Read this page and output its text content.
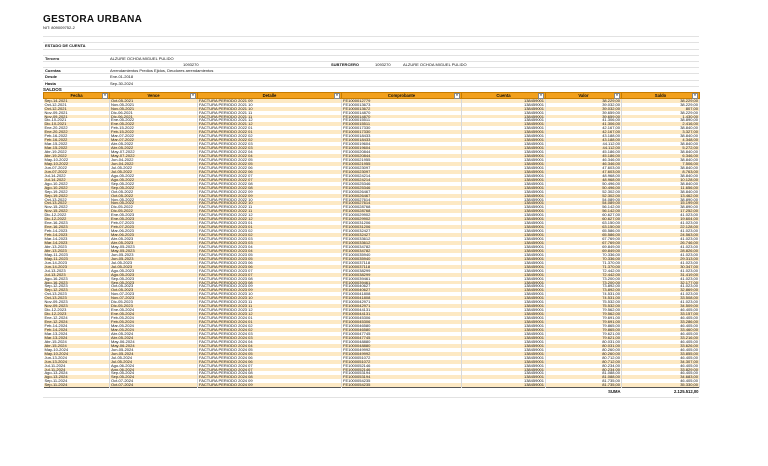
GESTORA URBANA
NIT: 809009752-2
ESTADO DE CUENTA
Tercero	ALZURE OCHOA MIGUEL PULIDO
1093270	SUBTERCERO	1093270	ALZURE OCHOA MIGUEL PULIDO
Cuentas	Arrendamientos Predios Ejidos, Deudores arrendamientos
Desde	Ene-01-2018
Hasta	Sep-30-2024
SALDOS
Fecha ▾	Vence ▾	Detalle ▾	Comprobante ▾	Cuenta ▾	Valor ▾	Saldo ▾

Sep-14-2021	Oct-05-2021	FACTURA PERIODO 2021 09	FE1000012779	138459001	38.229,00	38.229,00
Oct-12-2021	Nov-05-2021	FACTURA PERIODO 2021 10	FE1000013673	138459001	39.032,00	38.229,00
Oct-12-2021	Nov-05-2021	FACTURA PERIODO 2021 10	FE1000013672	138459001	39.032,00	807,00
Nov-09-2021	Dic-06-2021	FACTURA PERIODO 2021 11	FE1000014870	138459001	39.659,00	38.229,00
Nov-09-2021	Dic-06-2021	FACTURA PERIODO 2021 11	FE1000014870	138459001	39.659,00	1.430,00
Dic-10-2021	Ene-05-2022	FACTURA PERIODO 2021 12	FE1000015511	138459001	41.306,00	38.890,00
Dic-10-2021	Ene-05-2022	FACTURA PERIODO 2021 12	FE1000015511	138459001	41.306,00	2.416,00
Ene-20-2022	Feb-15-2022	FACTURA PERIODO 2022 01	FE1000017330	138459001	42.167,00	38.840,00
Ene-20-2022	Feb-15-2022	FACTURA PERIODO 2022 01	FE1000017330	138459001	42.167,00	3.327,00
Feb-16-2022	Mar-07-2022	FACTURA PERIODO 2022 02	FE1000018433	138459001	43.188,00	38.840,00
Feb-16-2022	Mar-07-2022	FACTURA PERIODO 2022 02	FE1000018433	138459001	43.188,00	4.348,00
Mar-15-2022	Abr-05-2022	FACTURA PERIODO 2022 03	FE1000019604	138459001	44.112,00	38.840,00
Mar-15-2022	Abr-05-2022	FACTURA PERIODO 2022 03	FE1000019604	138459001	44.112,00	5.272,00
Abr-19-2022	May-07-2022	FACTURA PERIODO 2022 04	FE1000020844	138459001	45.186,00	38.840,00
Abr-19-2022	May-07-2022	FACTURA PERIODO 2022 04	FE1000020844	138459001	45.186,00	6.346,00
May-10-2022	Jun-04-2022	FACTURA PERIODO 2022 05	FE1000021955	138459001	46.346,00	38.840,00
May-10-2022	Jun-04-2022	FACTURA PERIODO 2022 05	FE1000021955	138459001	46.346,00	7.506,00
Jun-07-2022	Jul-05-2022	FACTURA PERIODO 2022 06	FE1000023097	138459001	47.603,00	38.840,00
Jun-07-2022	Jul-05-2022	FACTURA PERIODO 2022 06	FE1000023097	138459001	47.603,00	8.763,00
Jul-14-2022	Ago-05-2022	FACTURA PERIODO 2022 07	FE1000024214	138459001	48.968,00	38.840,00
Jul-14-2022	Ago-05-2022	FACTURA PERIODO 2022 07	FE1000024214	138459001	48.968,00	10.128,00
Ago-10-2022	Sep-05-2022	FACTURA PERIODO 2022 08	FE1000025346	138459001	50.496,00	38.840,00
Ago-10-2022	Sep-05-2022	FACTURA PERIODO 2022 08	FE1000025346	138459001	50.496,00	11.656,00
Sep-19-2022	Oct-05-2022	FACTURA PERIODO 2022 09	FE1000026467	138459001	52.302,00	38.840,00
Sep-19-2022	Oct-05-2022	FACTURA PERIODO 2022 09	FE1000026467	138459001	52.302,00	13.462,00
Oct-13-2022	Nov-05-2022	FACTURA PERIODO 2022 10	FE1000027614	138459001	54.089,00	38.890,00
Oct-13-2022	Nov-05-2022	FACTURA PERIODO 2022 10	FE1000027614	138459001	54.089,00	15.199,00
Nov-15-2022	Dic-05-2022	FACTURA PERIODO 2022 11	FE1000028768	138459001	56.142,00	38.890,00
Nov-15-2022	Dic-05-2022	FACTURA PERIODO 2022 11	FE1000028768	138459001	56.142,00	17.252,00
Dic-12-2022	Ene-05-2023	FACTURA PERIODO 2022 12	FE1000029902	138459001	60.627,00	41.023,00
Dic-12-2022	Ene-05-2023	FACTURA PERIODO 2022 12	FE1000029902	138459001	60.627,00	19.604,00
Ene-16-2023	Feb-07-2023	FACTURA PERIODO 2023 01	FE1000031206	138459001	63.150,00	41.023,00
Ene-16-2023	Feb-07-2023	FACTURA PERIODO 2023 01	FE1000031206	138459001	63.150,00	22.128,00
Feb-14-2023	Mar-06-2023	FACTURA PERIODO 2023 02	FE1000032427	138459001	65.586,00	41.023,00
Feb-14-2023	Mar-06-2023	FACTURA PERIODO 2023 02	FE1000032427	138459001	65.586,00	24.563,00
Mar-14-2023	Abr-05-2023	FACTURA PERIODO 2023 03	FE1000033612	138459001	67.769,00	41.023,00
Mar-14-2023	Abr-05-2023	FACTURA PERIODO 2023 03	FE1000033612	138459001	67.769,00	26.746,00
Abr-13-2023	May-05-2023	FACTURA PERIODO 2023 04	FE1000034782	138459001	69.849,00	41.023,00
Abr-13-2023	May-05-2023	FACTURA PERIODO 2023 04	FE1000034782	138459001	69.849,00	28.826,00
May-11-2023	Jun-05-2023	FACTURA PERIODO 2023 05	FE1000035940	138459001	70.336,00	41.023,00
May-11-2023	Jun-05-2023	FACTURA PERIODO 2023 05	FE1000035940	138459001	70.336,00	29.313,00
Jun-14-2023	Jul-05-2023	FACTURA PERIODO 2023 06	FE1000037118	138459001	71.370,00	41.023,00
Jun-14-2023	Jul-05-2023	FACTURA PERIODO 2023 06	FE1000037118	138459001	71.370,00	30.347,00
Jul-13-2023	Ago-05-2023	FACTURA PERIODO 2023 07	FE1000038299	138459001	72.442,00	41.023,00
Jul-13-2023	Ago-05-2023	FACTURA PERIODO 2023 07	FE1000038299	138459001	72.442,00	31.419,00
Ago-16-2023	Sep-05-2023	FACTURA PERIODO 2023 08	FE1000039461	138459001	73.200,00	41.023,00
Ago-16-2023	Sep-05-2023	FACTURA PERIODO 2023 08	FE1000039461	138459001	73.200,00	32.177,00
Sep-12-2023	Oct-05-2023	FACTURA PERIODO 2023 09	FE1000040627	138459001	73.892,00	41.023,00
Sep-12-2023	Oct-05-2023	FACTURA PERIODO 2023 09	FE1000040627	138459001	73.892,00	32.869,00
Oct-13-2023	Nov-07-2023	FACTURA PERIODO 2023 10	FE1000041808	138459001	74.531,00	41.023,00
Oct-13-2023	Nov-07-2023	FACTURA PERIODO 2023 10	FE1000041808	138459001	74.531,00	33.508,00
Nov-09-2023	Dic-05-2023	FACTURA PERIODO 2023 11	FE1000042971	138459001	75.532,00	41.023,00
Nov-09-2023	Dic-05-2023	FACTURA PERIODO 2023 11	FE1000042971	138459001	75.532,00	34.509,00
Dic-12-2023	Ene-05-2024	FACTURA PERIODO 2023 12	FE1000044131	138459001	79.562,00	46.405,00
Dic-12-2023	Ene-05-2024	FACTURA PERIODO 2023 12	FE1000044131	138459001	79.562,00	33.157,00
Ene-12-2024	Feb-05-2024	FACTURA PERIODO 2024 01	FE1000045306	138459001	79.691,00	46.405,00
Ene-12-2024	Feb-05-2024	FACTURA PERIODO 2024 01	FE1000045306	138459001	79.691,00	33.286,00
Feb-14-2024	Mar-05-2024	FACTURA PERIODO 2024 02	FE1000046580	138459001	79.865,00	46.405,00
Feb-14-2024	Mar-05-2024	FACTURA PERIODO 2024 02	FE1000046580	138459001	79.865,00	33.460,00
Mar-13-2024	Abr-05-2024	FACTURA PERIODO 2024 03	FE1000047745	138459001	79.621,00	46.405,00
Mar-13-2024	Abr-05-2024	FACTURA PERIODO 2024 03	FE1000047745	138459001	79.621,00	33.216,00
Abr-15-2024	May-06-2024	FACTURA PERIODO 2024 04	FE1000048880	138459001	80.031,00	46.405,00
Abr-15-2024	May-06-2024	FACTURA PERIODO 2024 04	FE1000048880	138459001	80.031,00	33.626,00
May-10-2024	Jun-05-2024	FACTURA PERIODO 2024 05	FE1000049992	138459001	80.260,00	46.405,00
May-10-2024	Jun-05-2024	FACTURA PERIODO 2024 05	FE1000049992	138459001	80.260,00	33.855,00
Jun-13-2024	Jul-05-2024	FACTURA PERIODO 2024 06	FE1000051072	138459001	80.712,00	46.405,00
Jun-13-2024	Jul-05-2024	FACTURA PERIODO 2024 06	FE1000051072	138459001	80.712,00	34.307,00
Jul-11-2024	Ago-06-2024	FACTURA PERIODO 2024 07	FE1000052146	138459001	80.234,00	46.405,00
Jul-11-2024	Ago-06-2024	FACTURA PERIODO 2024 07	FE1000052146	138459001	80.234,00	33.829,00
Ago-13-2024	Sep-05-2024	FACTURA PERIODO 2024 08	FE1000053194	138459001	81.088,00	46.405,00
Ago-13-2024	Sep-05-2024	FACTURA PERIODO 2024 08	FE1000053194	138459001	81.088,00	34.683,00
Sep-11-2024	Oct-07-2024	FACTURA PERIODO 2024 09	FE1000054235	138459001	81.735,00	46.405,00
Sep-11-2024	Oct-07-2024	FACTURA PERIODO 2024 09	FE1000054235	138459001	81.735,00	35.330,00
					SUMA	2.125.512,00
